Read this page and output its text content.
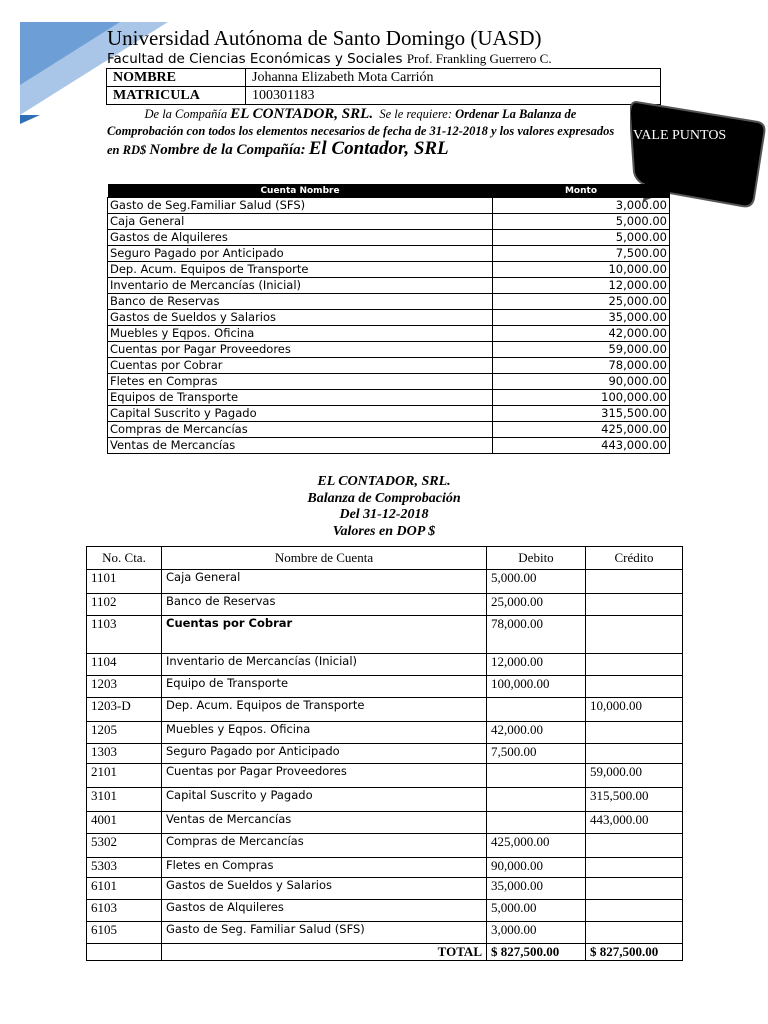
Universidad Autónoma de Santo Domingo (UASD)
Facultad de Ciencias Económicas y Sociales Prof. Frankling Guerrero C.
NOMBRE	Johanna Elizabeth Mota Carrión
MATRICULA	100301183
De la Compañía EL CONTADOR, SRL. Se le requiere: Ordenar La Balanza de Comprobación con todos los elementos necesarios de fecha de 31-12-2018 y los valores expresados en RD$ Nombre de la Compañía: El Contador, SRL
VALE PUNTOS
Cuenta Nombre	Monto
Gasto de Seg.Familiar Salud (SFS)	3,000.00
Caja General	5,000.00
Gastos de Alquileres	5,000.00
Seguro Pagado por Anticipado	7,500.00
Dep. Acum. Equipos de Transporte	10,000.00
Inventario de Mercancías (Inicial)	12,000.00
Banco de Reservas	25,000.00
Gastos de Sueldos y Salarios	35,000.00
Muebles y Eqpos. Oficina	42,000.00
Cuentas por Pagar Proveedores	59,000.00
Cuentas por Cobrar	78,000.00
Fletes en Compras	90,000.00
Equipos de Transporte	100,000.00
Capital Suscrito y Pagado	315,500.00
Compras de Mercancías	425,000.00
Ventas de Mercancías	443,000.00
EL CONTADOR, SRL.
Balanza de Comprobación
Del 31-12-2018
Valores en DOP $
No. Cta.	Nombre de Cuenta	Debito	Crédito
1101	Caja General	5,000.00	
1102	Banco de Reservas	25,000.00	
1103	Cuentas por Cobrar	78,000.00	
1104	Inventario de Mercancías (Inicial)	12,000.00	
1203	Equipo de Transporte	100,000.00	
1203-D	Dep. Acum. Equipos de Transporte		10,000.00
1205	Muebles y Eqpos. Oficina	42,000.00	
1303	Seguro Pagado por Anticipado	7,500.00	
2101	Cuentas por Pagar Proveedores		59,000.00
3101	Capital Suscrito y Pagado		315,500.00
4001	Ventas de Mercancías		443,000.00
5302	Compras de Mercancías	425,000.00	
5303	Fletes en Compras	90,000.00	
6101	Gastos de Sueldos y Salarios	35,000.00	
6103	Gastos de Alquileres	5,000.00	
6105	Gasto de Seg. Familiar Salud (SFS)	3,000.00	
	TOTAL	$ 827,500.00	$ 827,500.00
